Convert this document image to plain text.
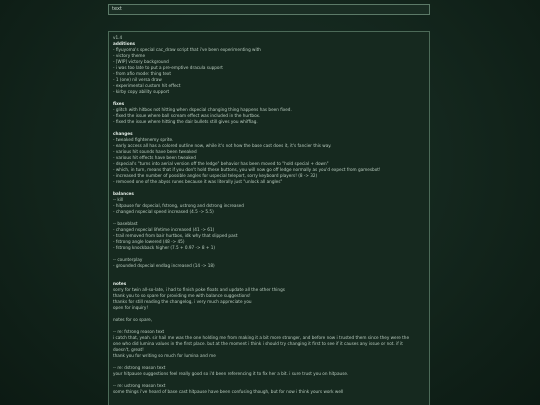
text
v1.4
additions
- flyuyoma's special cac_draw script that i've been experimenting with
- victory theme
- [WIP] victory background
- i was too late to put a pre-emptive dracula support
- from afio mode: thing text
- 1 (one) nil versa draw
- experimental custom hit effect
- kirby copy ability support
fixes
- glitch with hitbox not hitting when dspecial changing thing happens has been fixed.
- fixed the issue where ball scream effect was included in the hurtbox.
- fixed the issue where hitting the dair bullets still gives you whiffiag.
changes
- tweaked fightenemy sprite.
- early access all has a colored outline now, while it's not how the base cast does it, it's fancier this way.
- various hit sounds have been tweaked
- various hit effects have been tweaked
- dspecial's "turns into aerial version off the ledge" behavior has been moved to "hold special + down"
- which, in turn, means that if you don't hold these buttons, you will now go off ledge normally as you'd expect from gamesbot!
- increased the number of possible angles for uspecial teleport, sorry keyboard players! (8 -> 32)
- removed one of the abyss runes because it was literally just "unlock all angles"
balances
-- kill
- hitpause for dspecial, fstrong, ustrong and dstrong increased
- changed nspecial speed increased (4.5 -> 5.5)
-- baseblast
- changed nspecial lifetime increased (41 -> 61)
- trail removed from bair hurtbox, idk why that slipped past
- fstrong angle lowered (48 -> 45)
- fstrong knockback higher (7.5 + 0.97 -> 8 + 1)
-- counterplay
- grounded dspecial endlag increased (14 -> 18)
notes
sorry for twin all-so-late, i had to finish poke floats and update all the other things
thank you to so spare for providing me with balance suggestions!
thanks for still reading the changelog, i very much appreciate you
open for inquiry!
notes for so spare,
-- re: fstrong reason text
i catch that, yeah. sir hail me was the one holding me from making it a bit more stronger, and before now i trusted them since they were the
one who did lumina values in the first place. but at the moment i think i should try changing it first to see if it causes any issue or not. if it
doesn't, great!
thank you for writing so much for lumina and me
-- re: dstrong reason text
your hitpause suggestions feel really good so i'd been referencing it to fix her a bit. i sure trust you on hitpause.
-- re: ustrong reason text
some things i've heard of base cast hitpause have been confusing though, but for now i think yours work well
